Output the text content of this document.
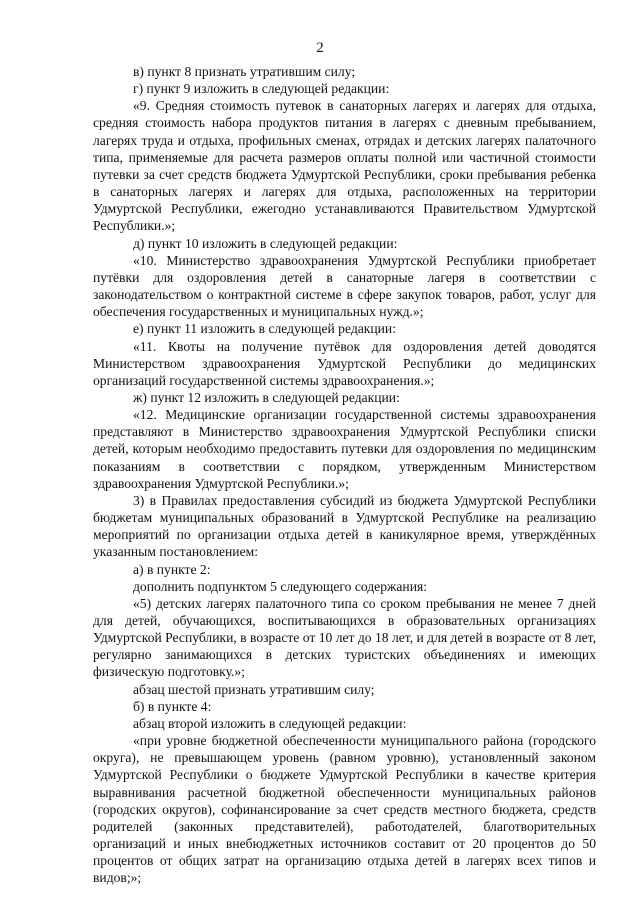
2

в) пункт 8 признать утратившим силу;

г) пункт 9 изложить в следующей редакции:

«9. Средняя стоимость путевок в санаторных лагерях и лагерях для отдыха, средняя стоимость набора продуктов питания в лагерях с дневным пребыванием, лагерях труда и отдыха, профильных сменах, отрядах и детских лагерях палаточного типа, применяемые для расчета размеров оплаты полной или частичной стоимости путевки за счет средств бюджета Удмуртской Республики, сроки пребывания ребенка в санаторных лагерях и лагерях для отдыха, расположенных на территории Удмуртской Республики, ежегодно устанавливаются Правительством Удмуртской Республики.»;

д) пункт 10 изложить в следующей редакции:

«10. Министерство здравоохранения Удмуртской Республики приобретает путёвки для оздоровления детей в санаторные лагеря в соответствии с законодательством о контрактной системе в сфере закупок товаров, работ, услуг для обеспечения государственных и муниципальных нужд.»;

е) пункт 11 изложить в следующей редакции:

«11. Квоты на получение путёвок для оздоровления детей доводятся Министерством здравоохранения Удмуртской Республики до медицинских организаций государственной системы здравоохранения.»;

ж) пункт 12 изложить в следующей редакции:

«12. Медицинские организации государственной системы здравоохранения представляют в Министерство здравоохранения Удмуртской Республики списки детей, которым необходимо предоставить путевки для оздоровления по медицинским показаниям в соответствии с порядком, утвержденным Министерством здравоохранения Удмуртской Республики.»;

3) в Правилах предоставления субсидий из бюджета Удмуртской Республики бюджетам муниципальных образований в Удмуртской Республике на реализацию мероприятий по организации отдыха детей в каникулярное время, утверждённых указанным постановлением:

а) в пункте 2:

дополнить подпунктом 5 следующего содержания:

«5) детских лагерях палаточного типа со сроком пребывания не менее 7 дней для детей, обучающихся, воспитывающихся в образовательных организациях Удмуртской Республики, в возрасте от 10 лет до 18 лет, и для детей в возрасте от 8 лет, регулярно занимающихся в детских туристских объединениях и имеющих физическую подготовку.»;

абзац шестой признать утратившим силу;

б) в пункте 4:

абзац второй изложить в следующей редакции:

«при уровне бюджетной обеспеченности муниципального района (городского округа), не превышающем уровень (равном уровню), установленный законом Удмуртской Республики о бюджете Удмуртской Республики в качестве критерия выравнивания расчетной бюджетной обеспеченности муниципальных районов (городских округов), софинансирование за счет средств местного бюджета, средств родителей (законных представителей), работодателей, благотворительных организаций и иных внебюджетных источников составит от 20 процентов до 50 процентов от общих затрат на организацию отдыха детей в лагерях всех типов и видов;»;
